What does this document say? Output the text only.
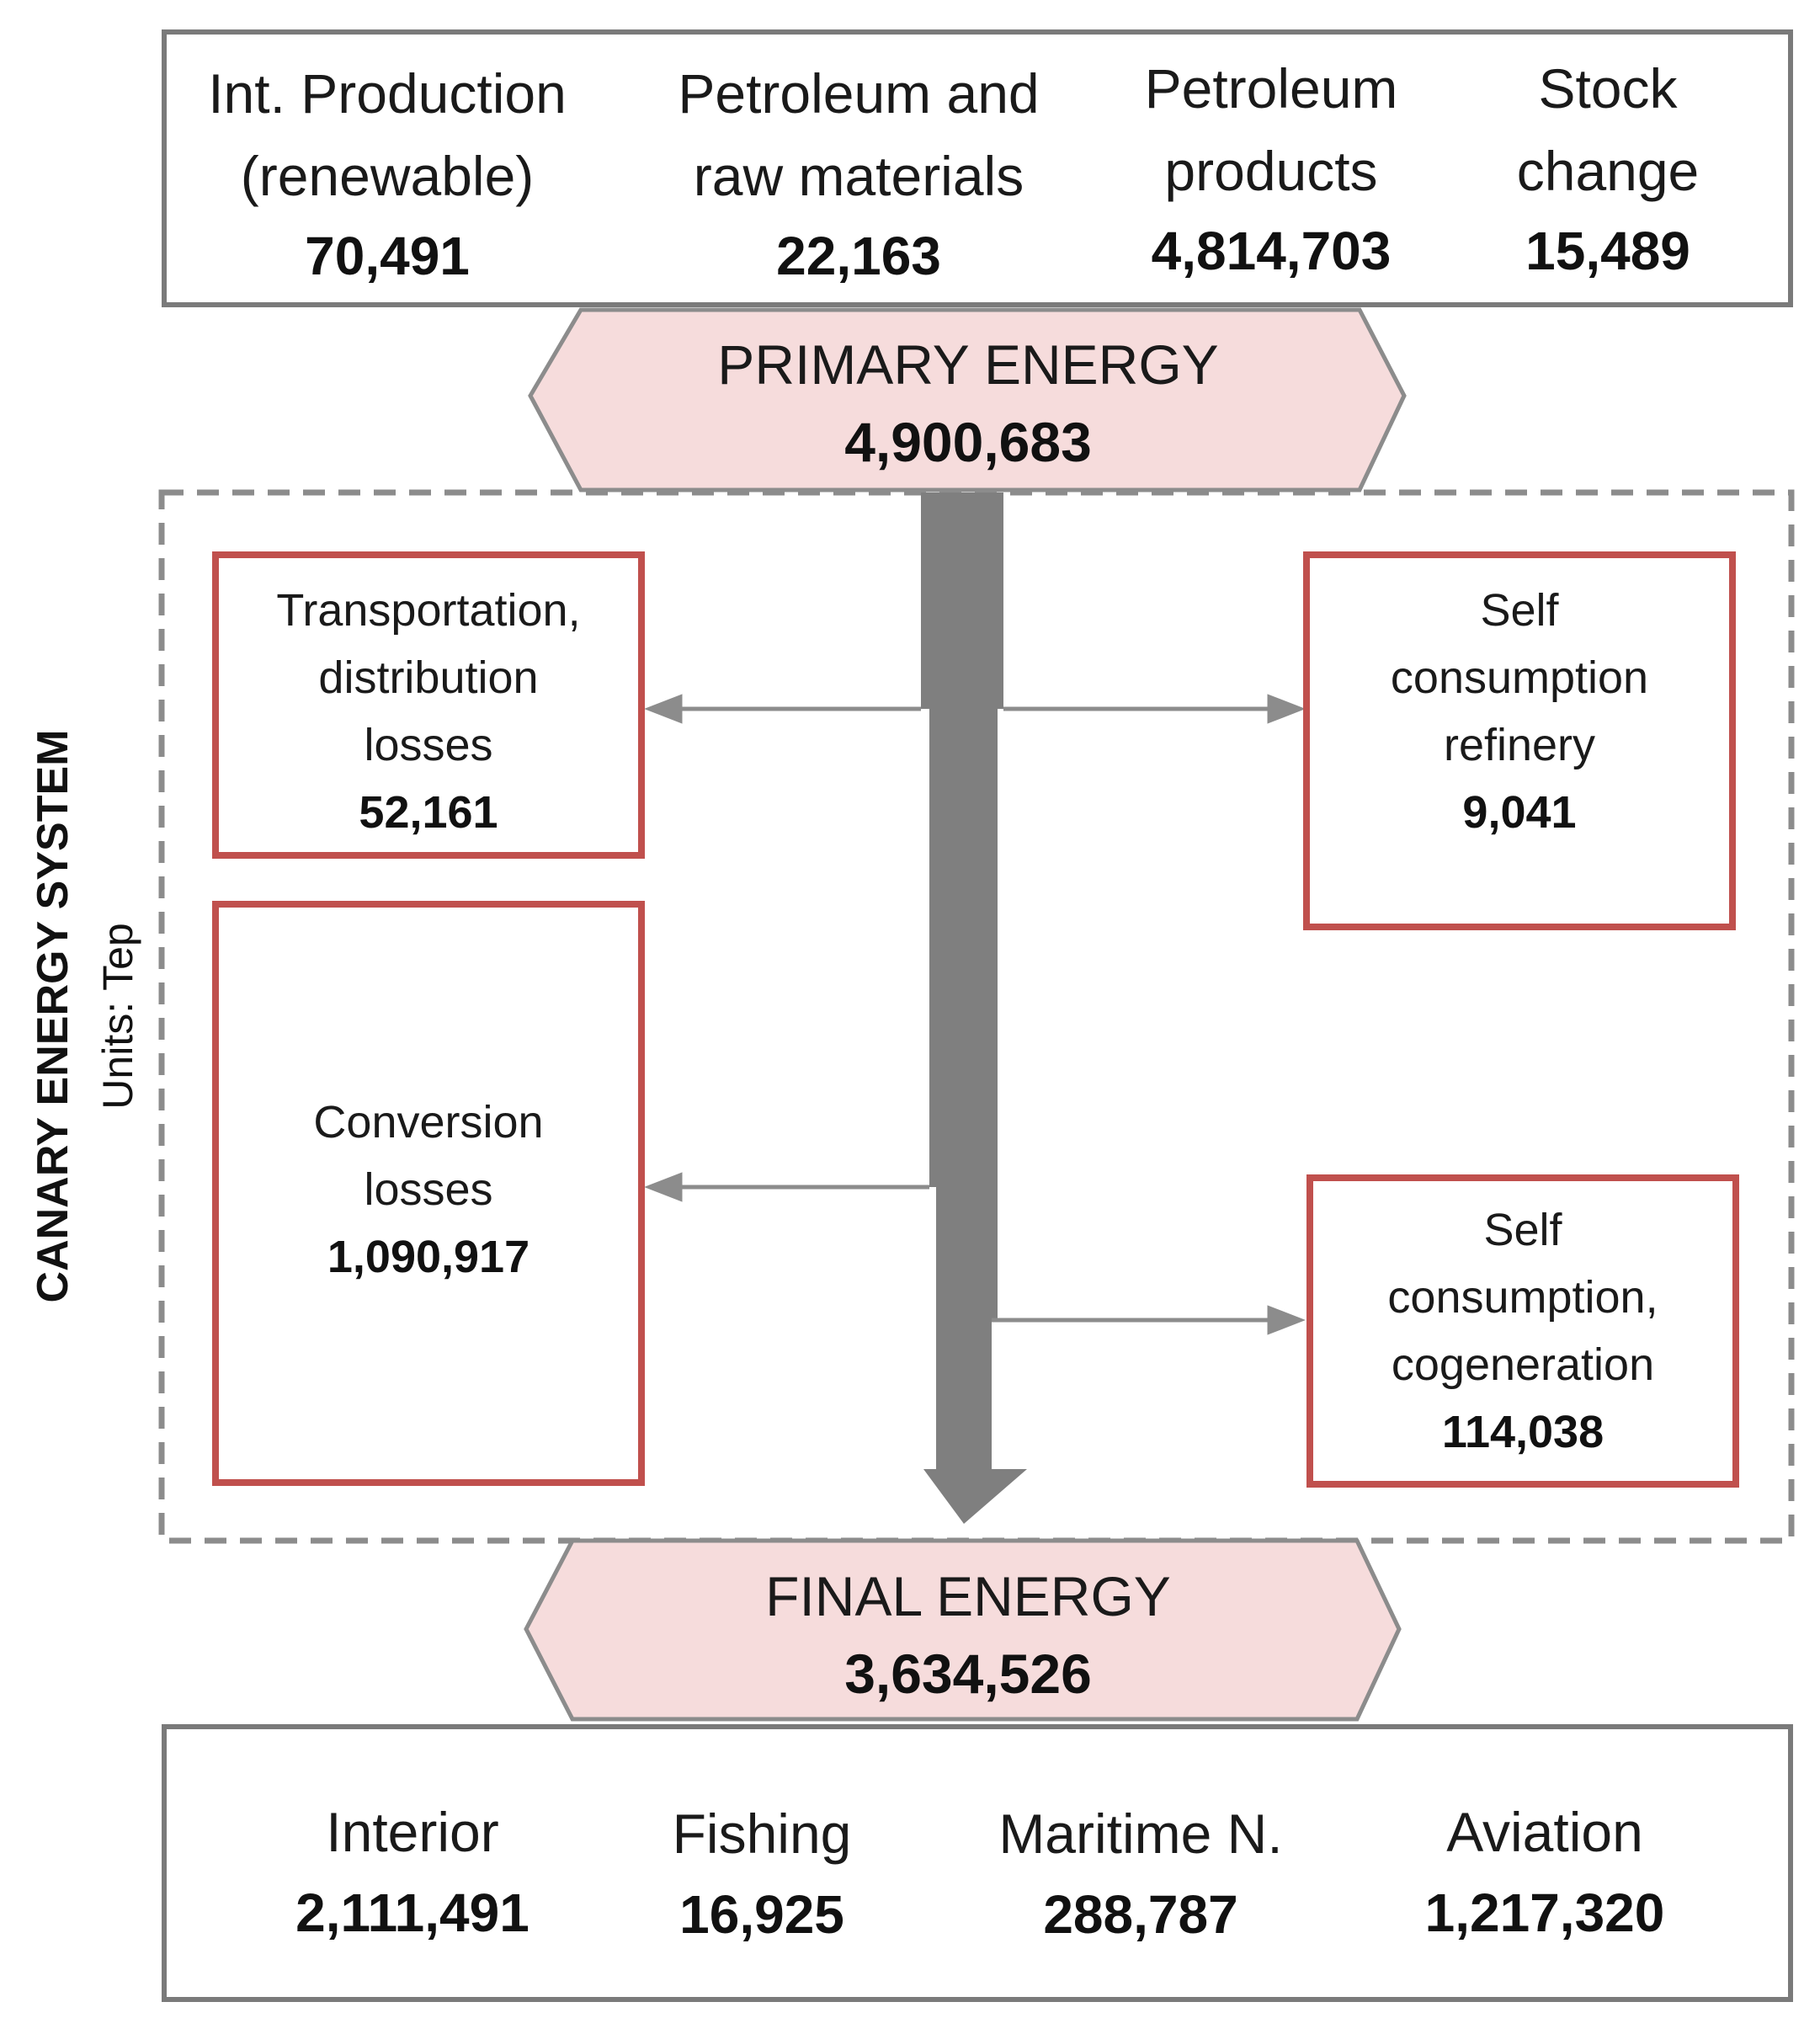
Int. Production
(renewable)
70,491
Petroleum and
raw materials
22,163
Petroleum
products
4,814,703
Stock
change
15,489
PRIMARY ENERGY
4,900,683
CANARY ENERGY SYSTEM Units: Tep
Transportation,
distribution
losses
52,161
Conversion
losses
1,090,917
Self
consumption
refinery
9,041
Self
consumption,
cogeneration
114,038
FINAL ENERGY
3,634,526
Interior
2,111,491
Fishing
16,925
Maritime N.
288,787
Aviation
1,217,320
